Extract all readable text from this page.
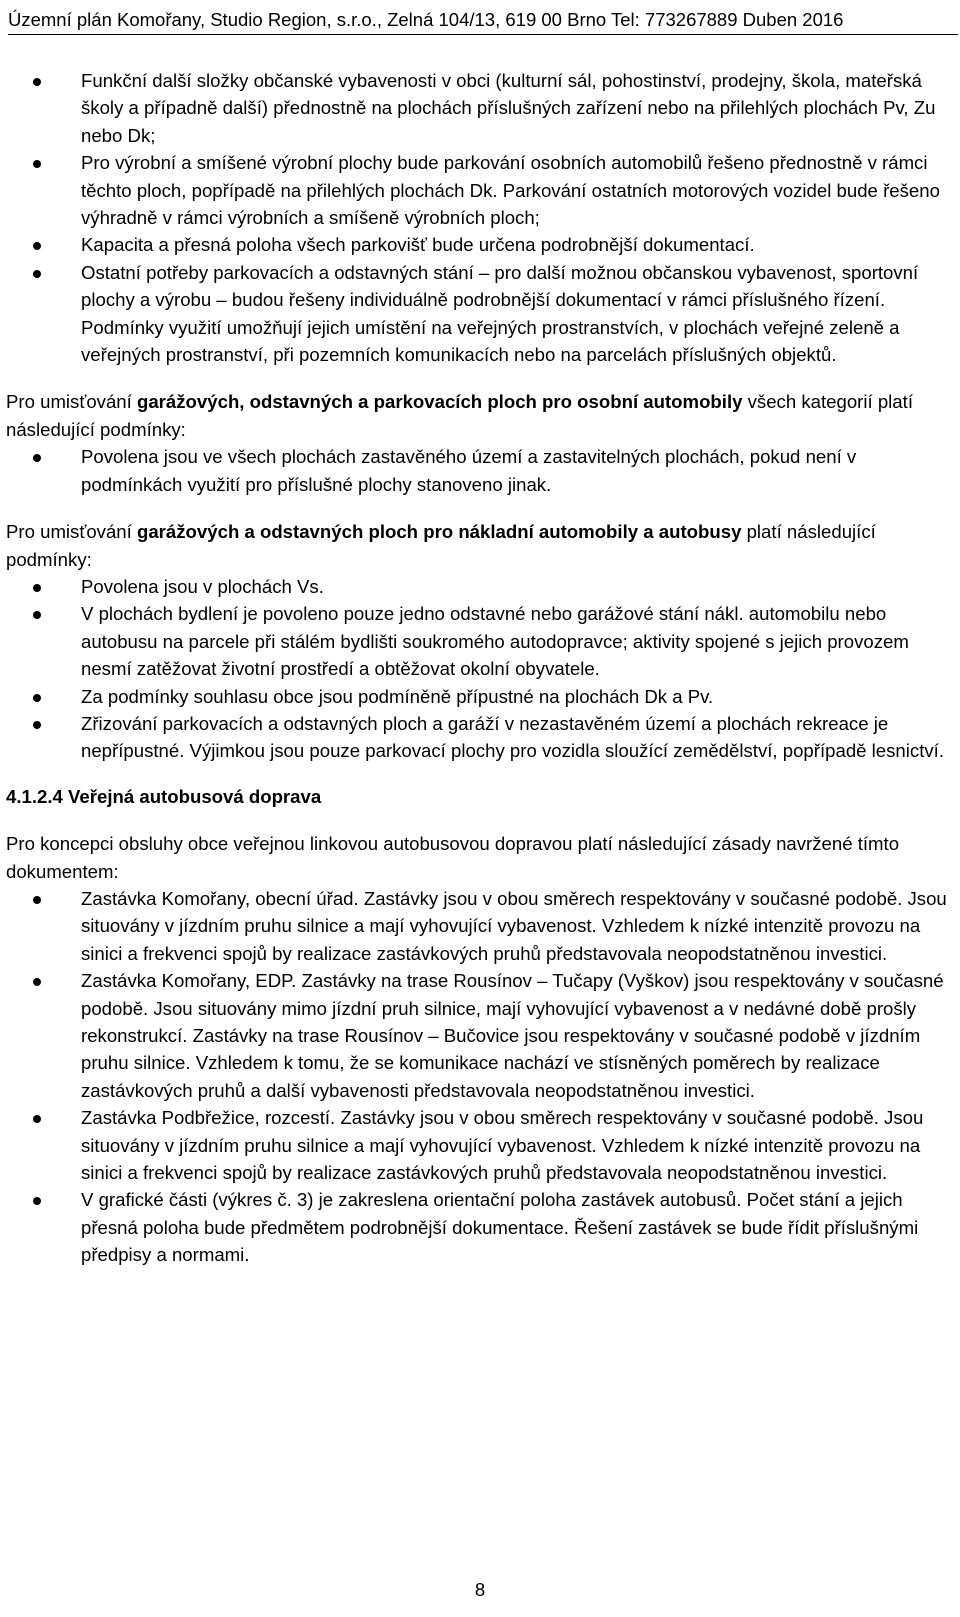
Územní plán Komořany, Studio Region, s.r.o., Zelná 104/13, 619 00 Brno Tel: 773267889 Duben 2016
Funkční další složky občanské vybavenosti v obci (kulturní sál, pohostinství, prodejny, škola, mateřská školy a případně další) přednostně na plochách příslušných zařízení nebo na přilehlých plochách Pv, Zu nebo Dk;
Pro výrobní a smíšené výrobní plochy bude parkování osobních automobilů řešeno přednostně v rámci těchto ploch, popřípadě na přilehlých plochách Dk. Parkování ostatních motorových vozidel bude řešeno výhradně v rámci výrobních a smíšeně výrobních ploch;
Kapacita a přesná poloha všech parkovišť bude určena podrobnější dokumentací.
Ostatní potřeby parkovacích a odstavných stání – pro další možnou občanskou vybavenost, sportovní plochy a výrobu – budou řešeny individuálně podrobnější dokumentací v rámci příslušného řízení. Podmínky využití umožňují jejich umístění na veřejných prostranstvích, v plochách veřejné zeleně a veřejných prostranství, při pozemních komunikacích nebo na parcelách příslušných objektů.

Pro umisťování garážových, odstavných a parkovacích ploch pro osobní automobily všech kategorií platí následující podmínky:

Povolena jsou ve všech plochách zastavěného území a zastavitelných plochách, pokud není v podmínkách využití pro příslušné plochy stanoveno jinak.

Pro umisťování garážových a odstavných ploch pro nákladní automobily a autobusy platí následující podmínky:

Povolena jsou v plochách Vs.
V plochách bydlení je povoleno pouze jedno odstavné nebo garážové stání nákl. automobilu nebo autobusu na parcele při stálém bydlišti soukromého autodopravce; aktivity spojené s jejich provozem nesmí zatěžovat životní prostředí a obtěžovat okolní obyvatele.
Za podmínky souhlasu obce jsou podmíněně přípustné na plochách Dk a Pv.
Zřizování parkovacích a odstavných ploch a garáží v nezastavěném území a plochách rekreace je nepřípustné. Výjimkou jsou pouze parkovací plochy pro vozidla sloužící zemědělství, popřípadě lesnictví.

4.1.2.4 Veřejná autobusová doprava

Pro koncepci obsluhy obce veřejnou linkovou autobusovou dopravou platí následující zásady navržené tímto dokumentem:

Zastávka Komořany, obecní úřad. Zastávky jsou v obou směrech respektovány v současné podobě. Jsou situovány v jízdním pruhu silnice a mají vyhovující vybavenost. Vzhledem k nízké intenzitě provozu na sinici a frekvenci spojů by realizace zastávkových pruhů představovala neopodstatněnou investici.
Zastávka Komořany, EDP. Zastávky na trase Rousínov – Tučapy (Vyškov) jsou respektovány v současné podobě. Jsou situovány mimo jízdní pruh silnice, mají vyhovující vybavenost a v nedávné době prošly rekonstrukcí. Zastávky na trase Rousínov – Bučovice jsou respektovány v současné podobě v jízdním pruhu silnice. Vzhledem k tomu, že se komunikace nachází ve stísněných poměrech by realizace zastávkových pruhů a další vybavenosti představovala neopodstatněnou investici.
Zastávka Podbřežice, rozcestí. Zastávky jsou v obou směrech respektovány v současné podobě. Jsou situovány v jízdním pruhu silnice a mají vyhovující vybavenost. Vzhledem k nízké intenzitě provozu na sinici a frekvenci spojů by realizace zastávkových pruhů představovala neopodstatněnou investici.
V grafické části (výkres č. 3) je zakreslena orientační poloha zastávek autobusů. Počet stání a jejich přesná poloha bude předmětem podrobnější dokumentace. Řešení zastávek se bude řídit příslušnými předpisy a normami.
8
